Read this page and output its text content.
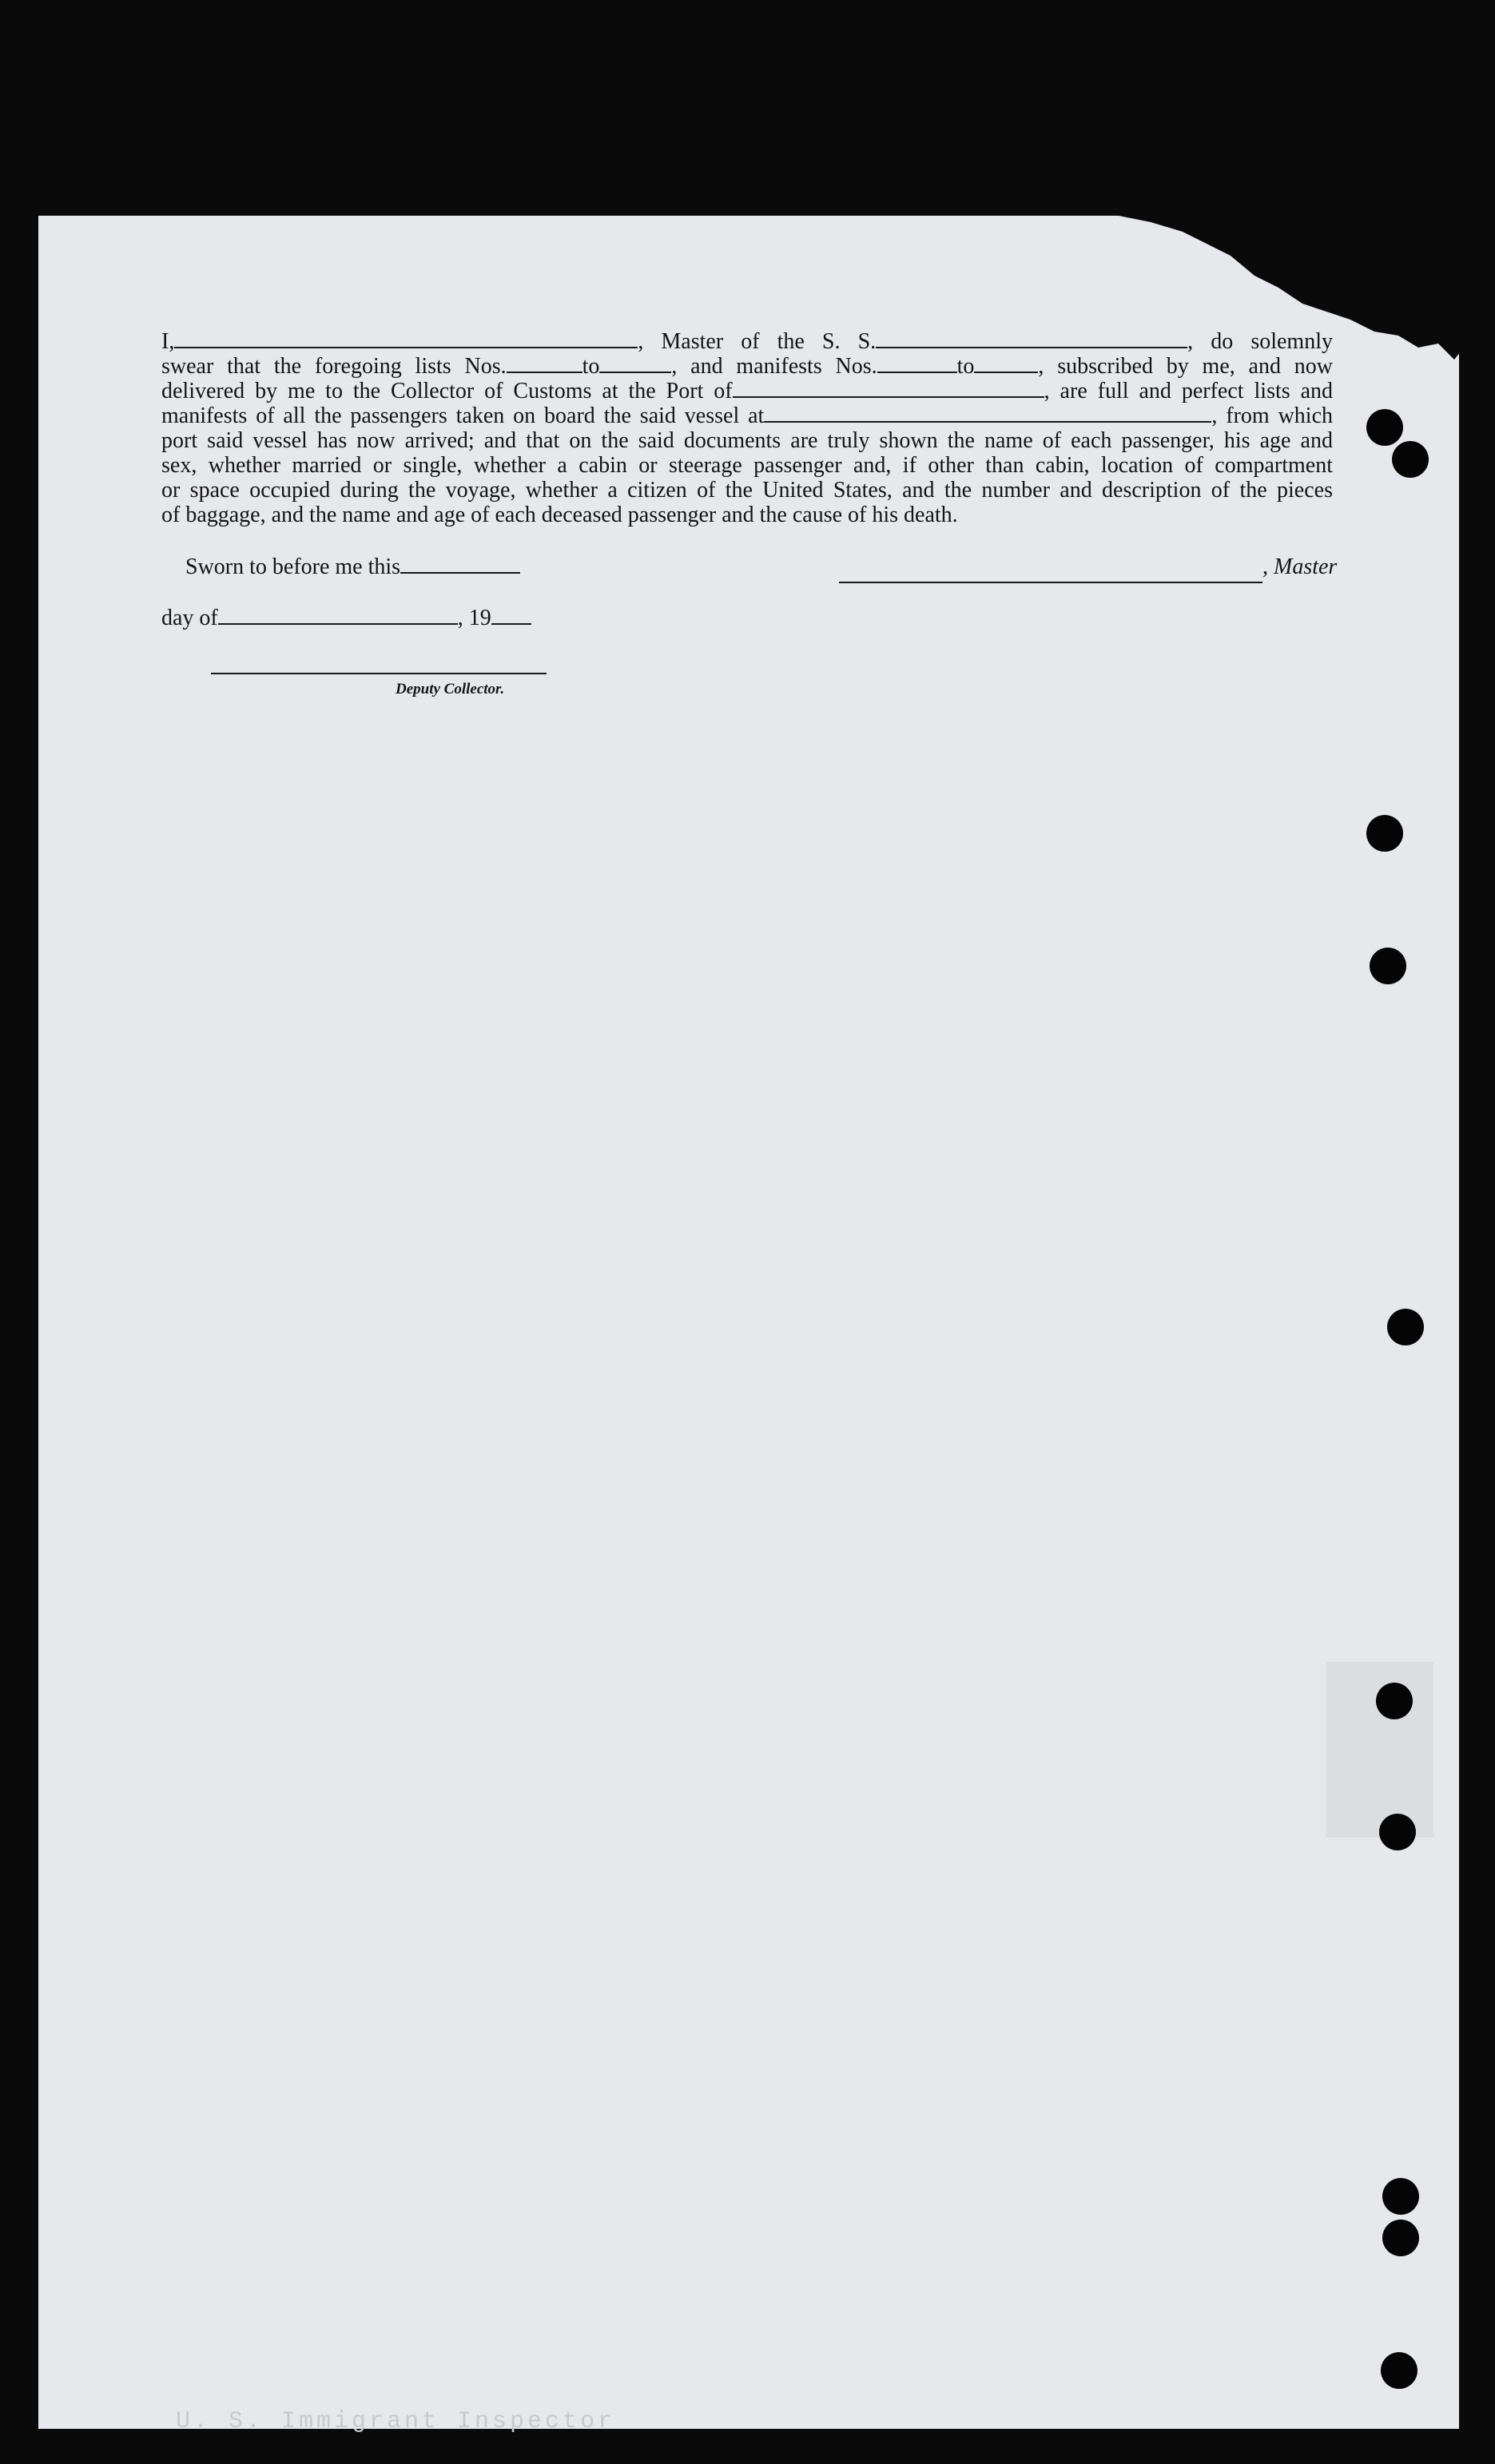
I,	, Master of the S. S.	, do solemnly
swear that the foregoing lists Nos.	to	, and manifests Nos.	to	, subscribed by me, and now
delivered by me to the Collector of Customs at the Port of	, are full and perfect lists and
manifests of all the passengers taken on board the said vessel at	, from which
port said vessel has now arrived; and that on the said documents are truly shown the name of each passenger, his age and
sex, whether married or single, whether a cabin or steerage passenger and, if other than cabin, location of compartment
or space occupied during the voyage, whether a citizen of the United States, and the number and description of the pieces
of baggage, and the name and age of each deceased passenger and the cause of his death.
Sworn to before me this	, Master
day of	, 19
Deputy Collector.
U. S. Immigrant Inspector
